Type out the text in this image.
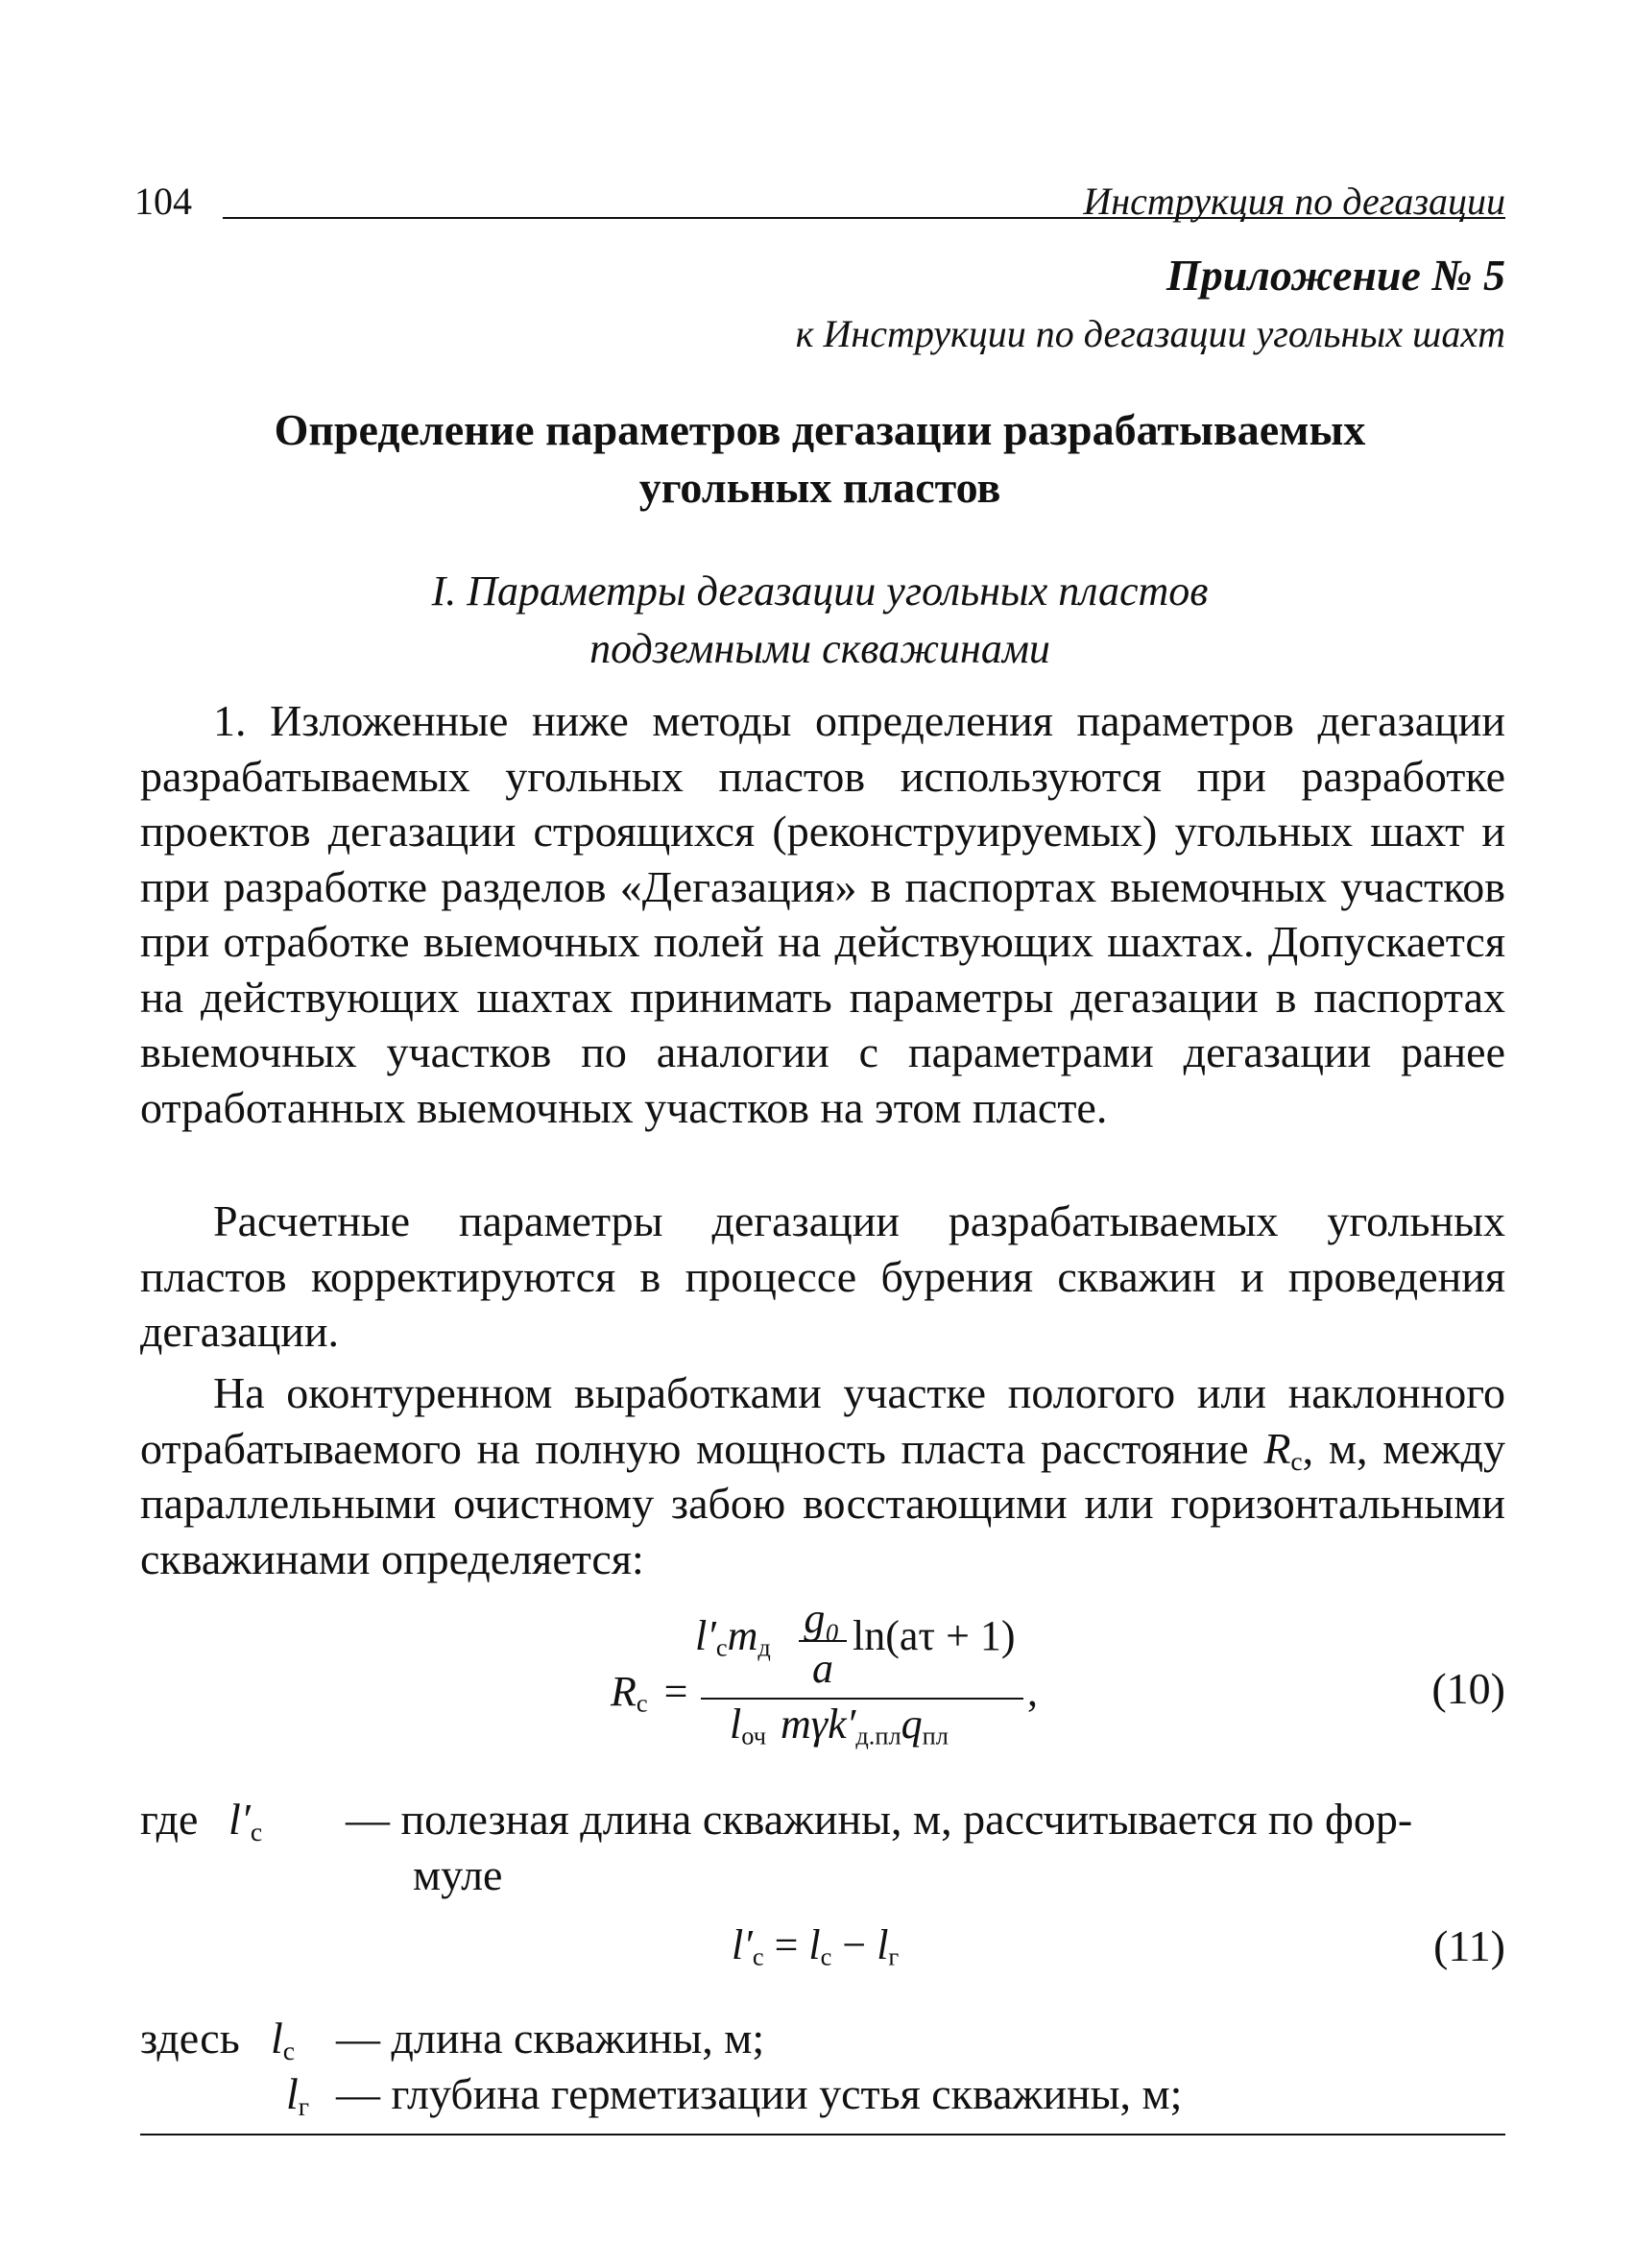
104	Инструкция по дегазации
Приложение № 5
к Инструкции по дегазации угольных шахт
Определение параметров дегазации разрабатываемых
угольных пластов
I. Параметры дегазации угольных пластов
подземными скважинами
1. Изложенные ниже методы определения параметров дегазации разрабатываемых угольных пластов используются при разработке проектов дегазации строящихся (реконструируемых) угольных шахт и при разработке разделов «Дегазация» в паспортах выемочных участков при отработке выемочных полей на действующих шахтах. Допускается на действующих шахтах принимать параметры дегазации в паспортах выемочных участков по аналогии с параметрами дегазации ранее отработанных выемочных участков на этом пласте.
Расчетные параметры дегазации разрабатываемых угольных пластов корректируются в процессе бурения скважин и проведения дегазации.
На оконтуренном выработками участке пологого или наклонного отрабатываемого на полную мощность пласта расстояние $R_с$, м, между параллельными очистному забою восстающими или горизонтальными скважинами определяется:
$R_с$ =
$l'_сm_д$
g₀
a
ln(aτ + 1)
$l_{оч}$ $m\gamma k'_{д.пл}q_{пл}$
,	(10)
где $l'_с$ — полезная длина скважины, м, рассчитывается по фор-
муле
$l'_с = l_с - l_г$	(11)
здесь $l_с$ — длина скважины, м;
$l_г$ — глубина герметизации устья скважины, м;
